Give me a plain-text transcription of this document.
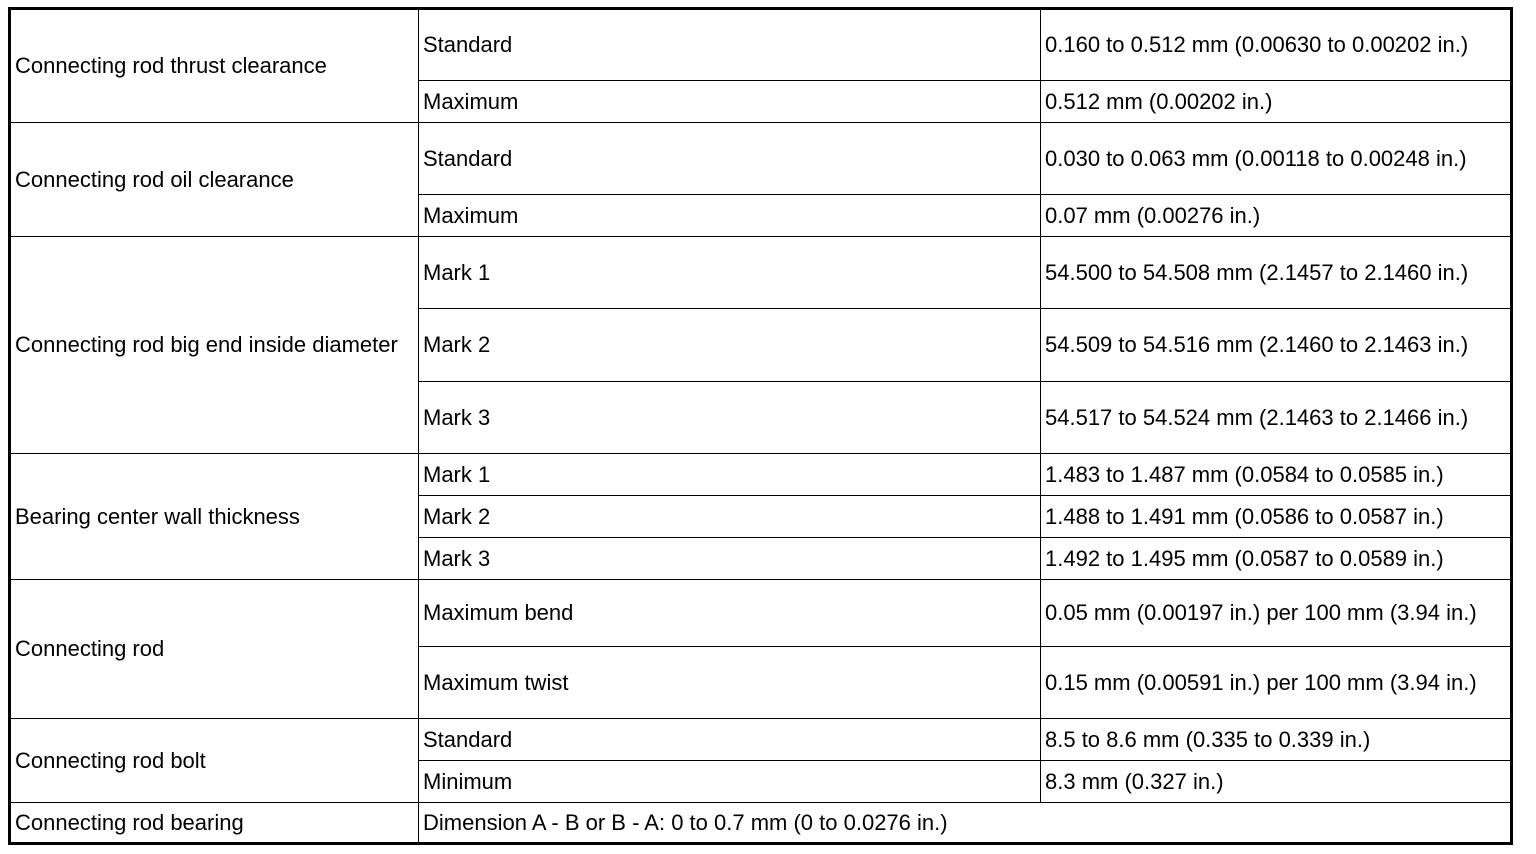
Connecting rod thrust clearance	Standard	0.160 to 0.512 mm (0.00630 to 0.00202 in.)
	Maximum	0.512 mm (0.00202 in.)
Connecting rod oil clearance	Standard	0.030 to 0.063 mm (0.00118 to 0.00248 in.)
	Maximum	0.07 mm (0.00276 in.)
Connecting rod big end inside diameter	Mark 1	54.500 to 54.508 mm (2.1457 to 2.1460 in.)
	Mark 2	54.509 to 54.516 mm (2.1460 to 2.1463 in.)
	Mark 3	54.517 to 54.524 mm (2.1463 to 2.1466 in.)
Bearing center wall thickness	Mark 1	1.483 to 1.487 mm (0.0584 to 0.0585 in.)
	Mark 2	1.488 to 1.491 mm (0.0586 to 0.0587 in.)
	Mark 3	1.492 to 1.495 mm (0.0587 to 0.0589 in.)
Connecting rod	Maximum bend	0.05 mm (0.00197 in.) per 100 mm (3.94 in.)
	Maximum twist	0.15 mm (0.00591 in.) per 100 mm (3.94 in.)
Connecting rod bolt	Standard	8.5 to 8.6 mm (0.335 to 0.339 in.)
	Minimum	8.3 mm (0.327 in.)
Connecting rod bearing	Dimension A - B or B - A: 0 to 0.7 mm (0 to 0.0276 in.)	
